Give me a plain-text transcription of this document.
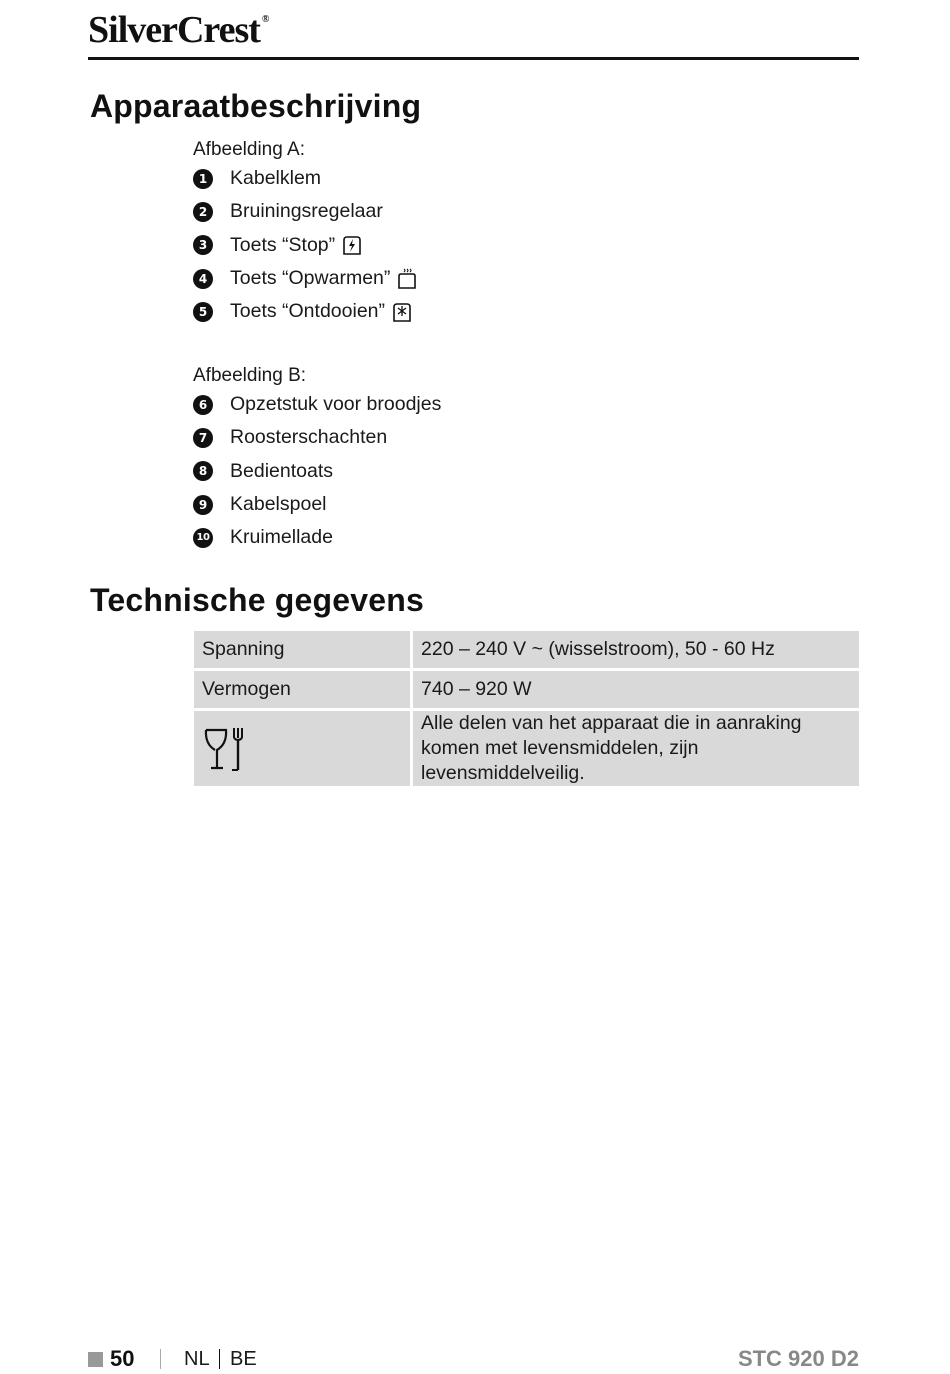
SilverCrest ®
Apparaatbeschrijving
Afbeelding A:
1 Kabelklem
2 Bruiningsregelaar
3 Toets “Stop”
4 Toets “Opwarmen”
5 Toets “Ontdooien”
Afbeelding B:
6 Opzetstuk voor broodjes
7 Roosterschachten
8 Bedientoats
9 Kabelspoel
10 Kruimellade
Technische gegevens
Spanning	220 – 240 V ~ (wisselstroom), 50 - 60 Hz
Vermogen	740 – 920 W

	Alle delen van het apparaat die in aanraking komen met levensmiddelen, zijn levensmiddelveilig.
50 NL BE	STC 920 D2
